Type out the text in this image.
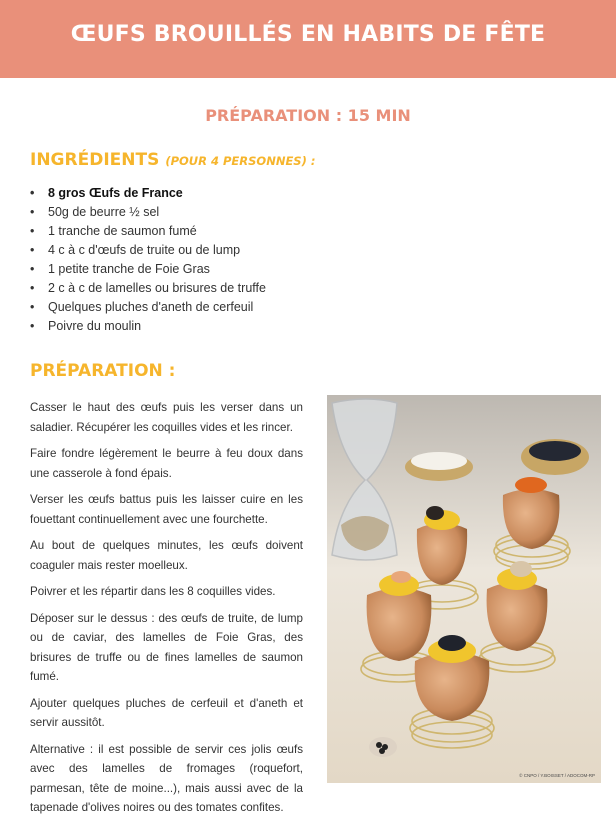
ŒUFS BROUILLÉS EN HABITS DE FÊTE
PRÉPARATION : 15 MIN
INGRÉDIENTS (POUR 4 PERSONNES) :
• 8 gros Œufs de France
• 50g de beurre ½ sel
• 1 tranche de saumon fumé
• 4 c à c d'œufs de truite ou de lump
• 1 petite tranche de Foie Gras
• 2 c à c de lamelles ou brisures de truffe
• Quelques pluches d'aneth de cerfeuil
• Poivre du moulin
PRÉPARATION :

Casser le haut des œufs puis les verser dans un saladier. Récupérer les coquilles vides et les rincer.

Faire fondre légèrement le beurre à feu doux dans une casserole à fond épais.

Verser les œufs battus puis les laisser cuire en les fouettant continuellement avec une fourchette.

Au bout de quelques minutes, les œufs doivent coaguler mais rester moelleux.

Poivrer et les répartir dans les 8 coquilles vides.

Déposer sur le dessus : des œufs de truite, de lump ou de caviar, des lamelles de Foie Gras, des brisures de truffe ou de fines lamelles de saumon fumé.

Ajouter quelques pluches de cerfeuil et d'aneth et servir aussitôt.

Alternative : il est possible de servir ces jolis œufs avec des lamelles de fromages (roquefort, parmesan, tête de moine...), mais aussi avec de la tapenade d'olives noires ou des tomates confites.

© CNPO / Y.BOISSET / ADOCOM-RP
